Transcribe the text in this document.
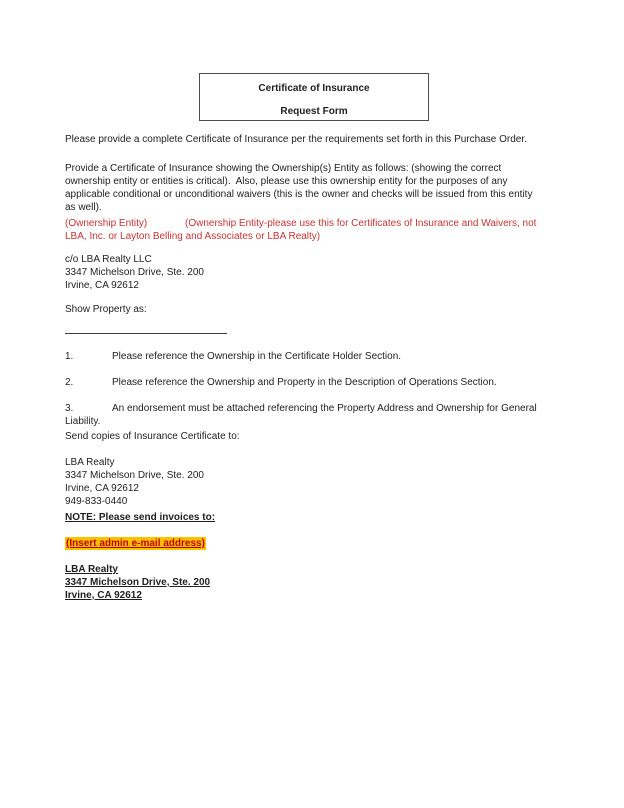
Certificate of Insurance
Request Form
Please provide a complete Certificate of Insurance per the requirements set forth in this Purchase Order.
Provide a Certificate of Insurance showing the Ownership(s) Entity as follows: (showing the correct
ownership entity or entities is critical).  Also, please use this ownership entity for the purposes of any
applicable conditional or unconditional waivers (this is the owner and checks will be issued from this entity
as well).
(Ownership Entity)	(Ownership Entity-please use this for Certificates of Insurance and Waivers, not
LBA, Inc. or Layton Belling and Associates or LBA Realty)
c/o LBA Realty LLC
3347 Michelson Drive, Ste. 200
Irvine, CA 92612
Show Property as:
1.	Please reference the Ownership in the Certificate Holder Section.
2.	Please reference the Ownership and Property in the Description of Operations Section.
3.	An endorsement must be attached referencing the Property Address and Ownership for General
Liability.
Send copies of Insurance Certificate to:
LBA Realty
3347 Michelson Drive, Ste. 200
Irvine, CA 92612
949-833-0440
NOTE: Please send invoices to:
(Insert admin e-mail address)
LBA Realty
3347 Michelson Drive, Ste. 200
Irvine, CA 92612
